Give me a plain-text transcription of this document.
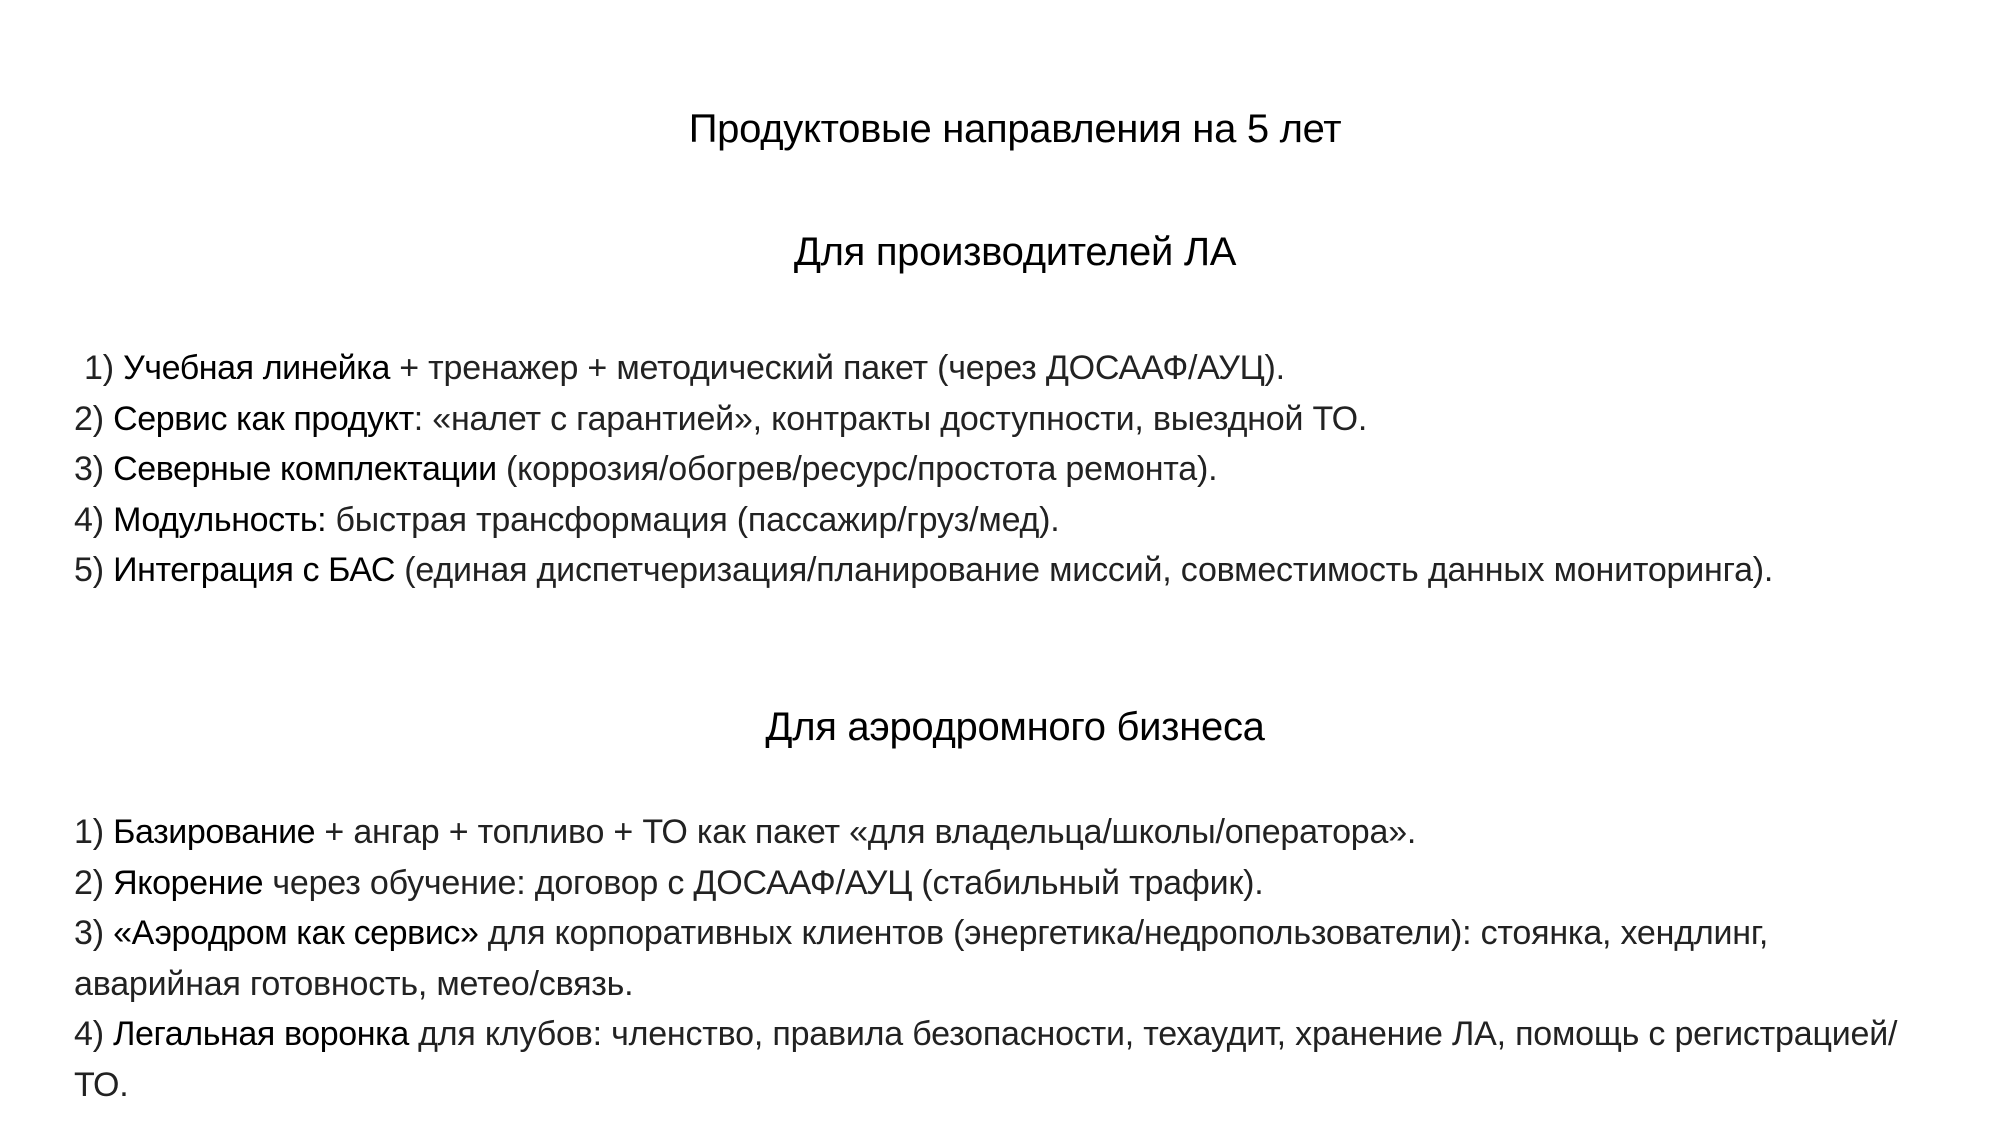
Продуктовые направления на 5 лет
Для производителей ЛА

1) Учебная линейка + тренажер + методический пакет (через ДОСААФ/АУЦ).

2) Сервис как продукт: «налет с гарантией», контракты доступности, выездной ТО.

3) Северные комплектации (коррозия/обогрев/ресурс/простота ремонта).

4) Модульность: быстрая трансформация (пассажир/груз/мед).

5) Интеграция с БАС (единая диспетчеризация/планирование миссий, совместимость данных мониторинга).

Для аэродромного бизнеса

1) Базирование + ангар + топливо + ТО как пакет «для владельца/школы/оператора».

2) Якорение через обучение: договор с ДОСААФ/АУЦ (стабильный трафик).

3) «Аэродром как сервис» для корпоративных клиентов (энергетика/недропользователи): стоянка, хендлинг, аварийная готовность, метео/связь.

4) Легальная воронка для клубов: членство, правила безопасности, техаудит, хранение ЛА, помощь с регистрацией/ТО.
